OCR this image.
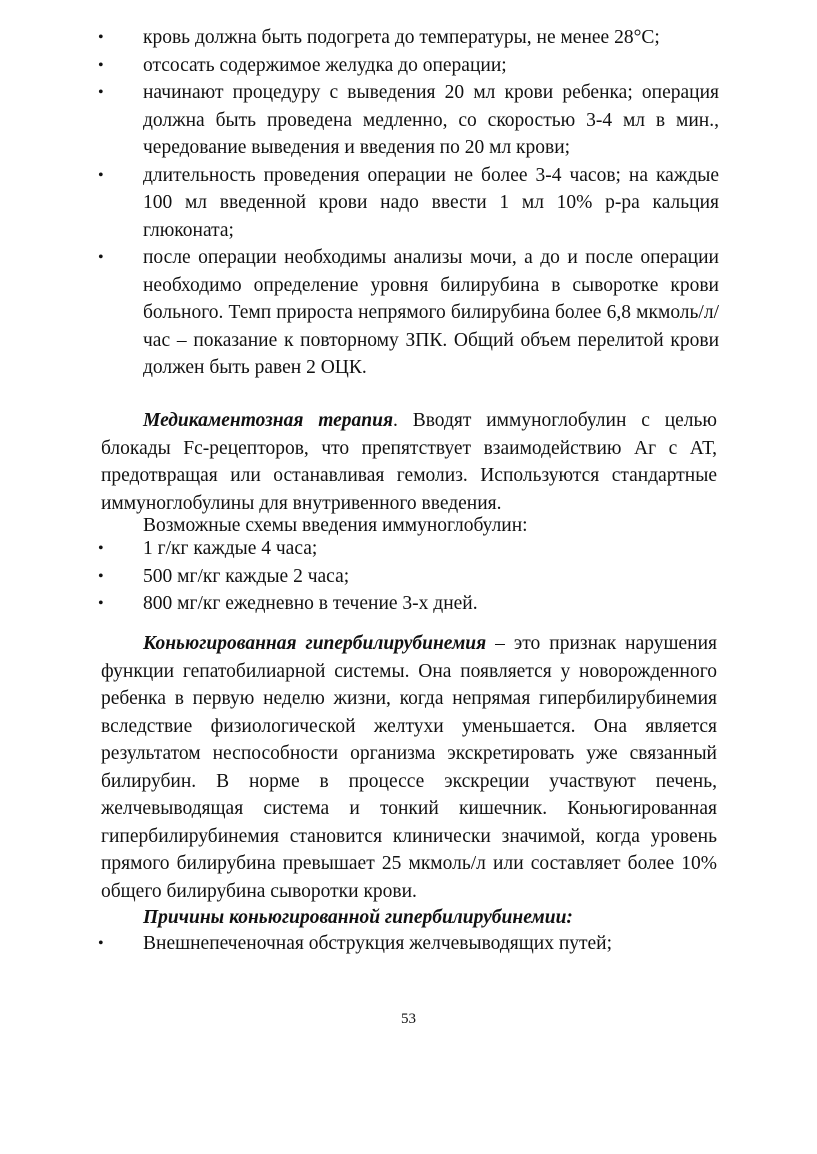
• кровь должна быть подогрета до температуры, не менее 28°С;
• отсосать содержимое желудка до операции;
• начинают процедуру с выведения 20 мл крови ребенка; операция должна быть проведена медленно, со скоростью 3-4 мл в мин., чередование выведения и введения по 20 мл крови;
• длительность проведения операции не более 3-4 часов; на каждые 100 мл введенной крови надо ввести 1 мл 10% р-ра кальция глюконата;
• после операции необходимы анализы мочи, а до и после операции необходимо определение уровня билирубина в сыворотке крови больного. Темп прироста непрямого билирубина более 6,8 мкмоль/л/час – показание к повторному ЗПК. Общий объем перелитой крови должен быть равен 2 ОЦК.
Медикаментозная терапия. Вводят иммуноглобулин с целью блокады Fc-рецепторов, что препятствует взаимодействию Аг с АТ, предотвращая или останавливая гемолиз. Используются стандартные иммуноглобулины для внутривенного введения.
Возможные схемы введения иммуноглобулин:
• 1 г/кг каждые 4 часа;
• 500 мг/кг каждые 2 часа;
• 800 мг/кг ежедневно в течение 3-х дней.
Коньюгированная гипербилирубинемия – это признак нарушения функции гепатобилиарной системы. Она появляется у новорожденного ребенка в первую неделю жизни, когда непрямая гипербилирубинемия вследствие физиологической желтухи уменьшается. Она является результатом неспособности организма экскретировать уже связанный билирубин. В норме в процессе экскреции участвуют печень, желчевыводящая система и тонкий кишечник. Коньюгированная гипербилирубинемия становится клинически значимой, когда уровень прямого билирубина превышает 25 мкмоль/л или составляет более 10% общего билирубина сыворотки крови.
Причины коньюгированной гипербилирубинемии:
• Внешнепеченочная обструкция желчевыводящих путей;
53
